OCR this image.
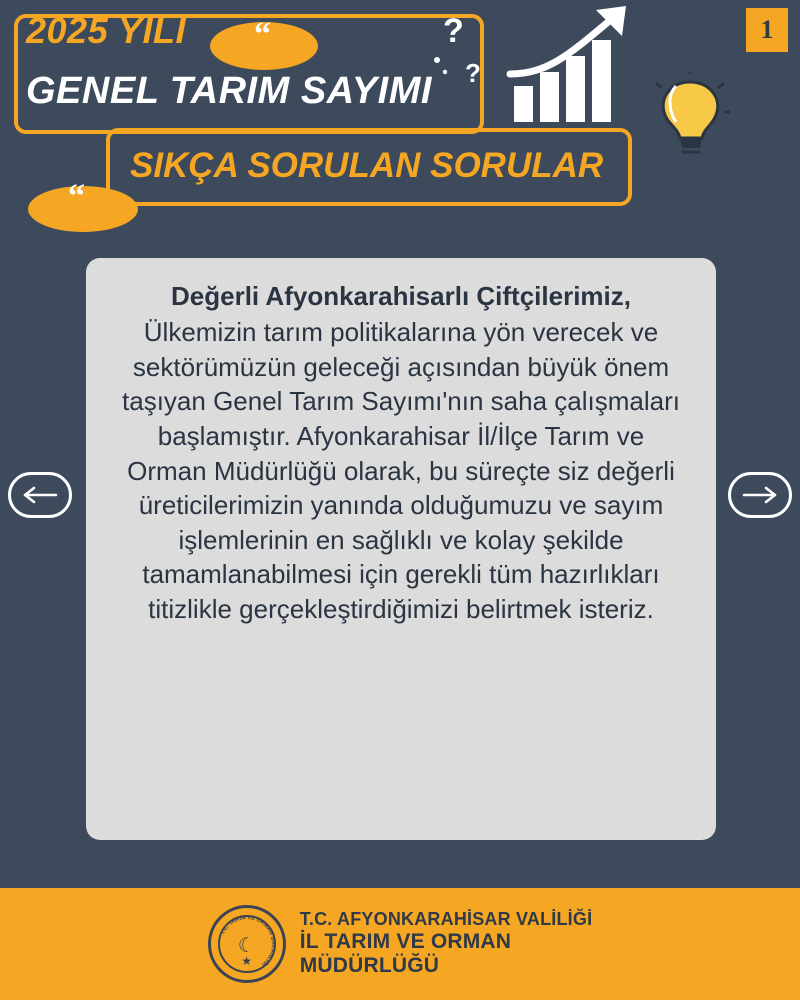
1
?
?
“
2025 YILI
GENEL TARIM SAYIMI
SIKÇA SORULAN SORULAR
“
Değerli Afyonkarahisarlı Çiftçilerimiz,
Ülkemizin tarım politikalarına yön verecek ve sektörümüzün geleceği açısından büyük önem taşıyan Genel Tarım Sayımı'nın saha çalışmaları başlamıştır. Afyonkarahisar İl/İlçe Tarım ve Orman Müdürlüğü olarak, bu süreçte siz değerli üreticilerimizin yanında olduğumuzu ve sayım işlemlerinin en sağlıklı ve kolay şekilde tamamlanabilmesi için gerekli tüm hazırlıkları titizlikle gerçekleştirdiğimizi belirtmek isteriz.
T.C. TARIM VE ORMAN BAKANLIĞI
☾
★
T.C. AFYONKARAHİSAR VALİLİĞİ
İL TARIM VE ORMAN
MÜDÜRLÜĞÜ
